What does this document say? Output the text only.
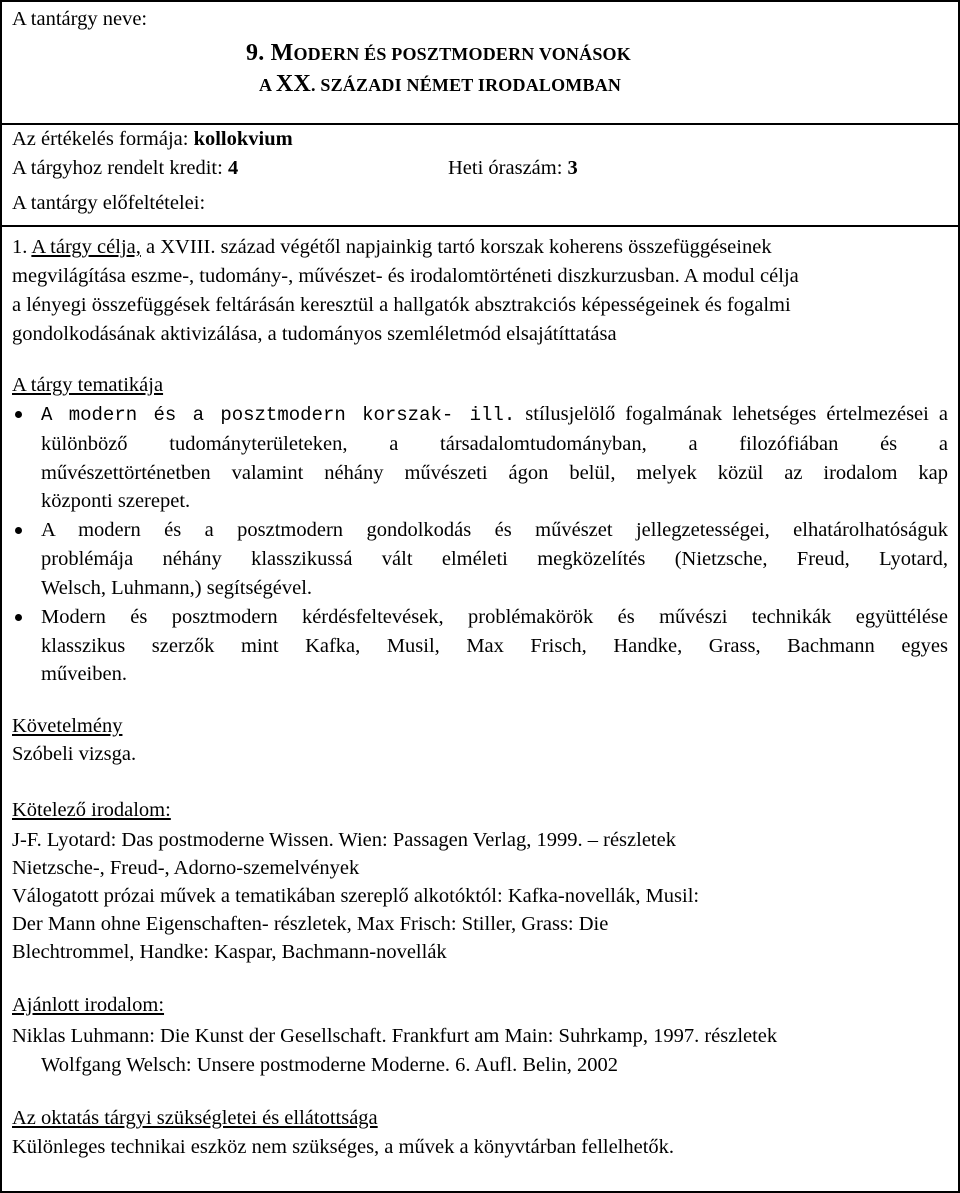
A tantárgy neve:
9. MODERN ÉS POSZTMODERN VONÁSOK
A XX. SZÁZADI NÉMET IRODALOMBAN
Az értékelés formája: kollokvium
A tárgyhoz rendelt kredit: 4	Heti óraszám: 3
A tantárgy előfeltételei:
1. A tárgy célja, a XVIII. század végétől napjainkig tartó korszak koherens összefüggéseinek
megvilágítása eszme-, tudomány-, művészet- és irodalomtörténeti diszkurzusban. A modul célja
a lényegi összefüggések feltárásán keresztül a hallgatók absztrakciós képességeinek és fogalmi
gondolkodásának aktivizálása, a tudományos szemléletmód elsajátíttatása
A tárgy tematikája
A modern és a posztmodern korszak- ill. stílusjelölő fogalmának lehetséges értelmezései a
különböző tudományterületeken, a társadalomtudományban, a filozófiában és a
művészettörténetben valamint néhány művészeti ágon belül, melyek közül az irodalom kap
központi szerepet.
A modern és a posztmodern gondolkodás és művészet jellegzetességei, elhatárolhatóságuk
problémája néhány klasszikussá vált elméleti megközelítés (Nietzsche, Freud, Lyotard,
Welsch, Luhmann,) segítségével.
Modern és posztmodern kérdésfeltevések, problémakörök és művészi technikák együttélése
klasszikus szerzők mint Kafka, Musil, Max Frisch, Handke, Grass, Bachmann egyes
műveiben.
Követelmény
Szóbeli vizsga.
Kötelező irodalom:
J-F. Lyotard: Das postmoderne Wissen. Wien: Passagen Verlag, 1999. – részletek
Nietzsche-, Freud-, Adorno-szemelvények
Válogatott prózai művek a tematikában szereplő alkotóktól: Kafka-novellák, Musil:
Der Mann ohne Eigenschaften- részletek, Max Frisch: Stiller, Grass: Die
Blechtrommel, Handke: Kaspar, Bachmann-novellák
Ajánlott irodalom:
Niklas Luhmann: Die Kunst der Gesellschaft. Frankfurt am Main: Suhrkamp, 1997. részletek
Wolfgang Welsch: Unsere postmoderne Moderne. 6. Aufl. Belin, 2002
Az oktatás tárgyi szükségletei és ellátottsága
Különleges technikai eszköz nem szükséges, a művek a könyvtárban fellelhetők.
